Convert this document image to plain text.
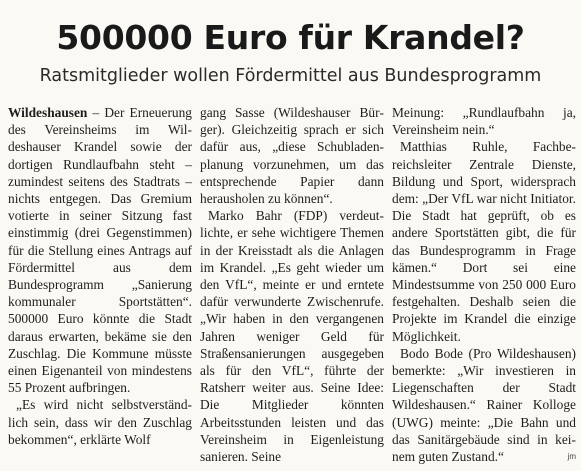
500000 Euro für Krandel?
Ratsmitglieder wollen Fördermittel aus Bundesprogramm

Wildeshausen – Der Erneuerung des Vereinsheims im Wildeshauser Krandel sowie der dortigen Rundlaufbahn steht – zumindest seitens des Stadtrats – nichts entgegen. Das Gremium votierte in seiner Sitzung fast einstimmig (drei Gegenstimmen) für die Stellung eines Antrags auf Fördermittel aus dem Bundesprogramm „Sanierung kommunaler Sportstätten“. 500000 Euro könnte die Stadt daraus erwarten, bekäme sie den Zuschlag. Die Kommune müsste einen Eigenanteil von mindestens 55 Prozent aufbringen.

„Es wird nicht selbstverständlich sein, dass wir den Zuschlag bekommen“, erklärte Wolf

gang Sasse (Wildeshauser Bürger). Gleichzeitig sprach er sich dafür aus, „diese Schubladenplanung vorzunehmen, um das entsprechende Papier dann herausholen zu können“.

Marko Bahr (FDP) verdeutlichte, er sehe wichtigere Themen in der Kreisstadt als die Anlagen im Krandel. „Es geht wieder um den VfL“, meinte er und erntete dafür verwunderte Zwischenrufe. „Wir haben in den vergangenen Jahren weniger Geld für Straßensanierungen ausgegeben als für den VfL“, führte der Ratsherr weiter aus. Seine Idee: Die Mitglieder könnten Arbeitsstunden leisten und das Vereinsheim in Eigenleistung sanieren. Seine

Meinung: „Rundlaufbahn ja, Vereinsheim nein.“

Matthias Ruhle, Fachbereichsleiter Zentrale Dienste, Bildung und Sport, widersprach dem: „Der VfL war nicht Initiator. Die Stadt hat geprüft, ob es andere Sportstätten gibt, die für das Bundesprogramm in Frage kämen.“ Dort sei eine Mindestsumme von 250 000 Euro festgehalten. Deshalb seien die Projekte im Krandel die einzige Möglichkeit.

Bodo Bode (Pro Wildeshausen) bemerkte: „Wir investieren in Liegenschaften der Stadt Wildeshausen.“ Rainer Kolloge (UWG) meinte: „Die Bahn und das Sanitärgebäude sind in keinem guten Zustand.“	jm
